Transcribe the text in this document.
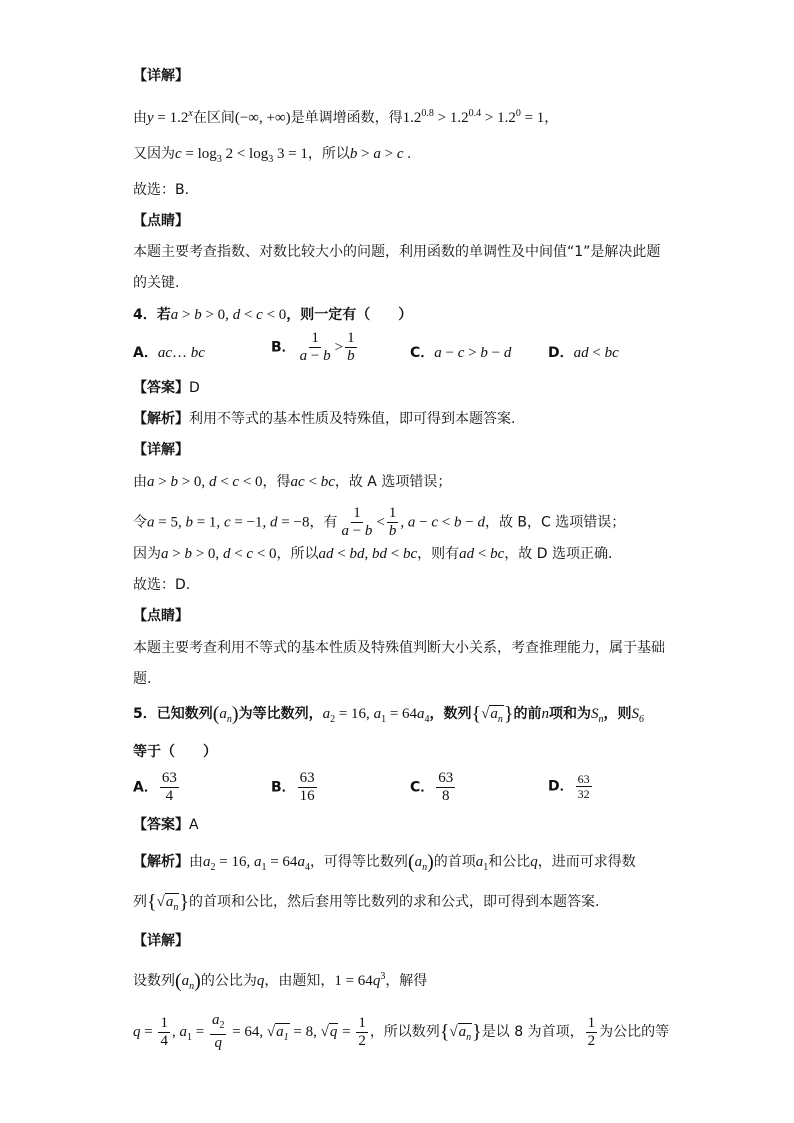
【详解】
由$y = 1.2^x$在区间(−∞, +∞)是单调增函数，得$1.2^{0.8} > 1.2^{0.4} > 1.2^0 = 1$，
又因为$c = \log_3 2 < \log_3 3 = 1$，所以b > a > c .
故选：B.
【点睛】
本题主要考查指数、对数比较大小的问题，利用函数的单调性及中间值“1”是解决此题
的关键.
4．若a > b > 0, d < c < 0，则一定有（　　）
A．ac… bc	B． $\frac{1}{a - b} > \frac{1}{b}$	C．a − c > b − d	D．ad < bc
【答案】D
【解析】利用不等式的基本性质及特殊值，即可得到本题答案.
【详解】
由a > b > 0, d < c < 0，得ac < bc，故 A 选项错误；
令a = 5, b = 1, c = −1, d = −8，有 $\frac{1}{a - b} < \frac{1}{b}$ , a − c < b − d，故 B，C 选项错误；
因为a > b > 0, d < c < 0，所以ad < bd, bd < bc，则有ad < bc，故 D 选项正确.
故选：D.
【点睛】
本题主要考查利用不等式的基本性质及特殊值判断大小关系，考查推理能力，属于基础
题.
5．已知数列$(a_n)$为等比数列，$a_2 = 16$, $a_1 = 64a_4$，数列$\{√a_n\}$的前n项和为$S_n$，则$S_6$
等于（　　）
A． $\frac{63}{4}$	B． $\frac{63}{16}$	C． $\frac{63}{8}$	D． $\frac{63}{32}$
【答案】A
【解析】由$a_2 = 16$, $a_1 = 64a_4$，可得等比数列$(a_n)$的首项$a_1$和公比q，进而可求得数
列$\{√a_n\}$的首项和公比，然后套用等比数列的求和公式，即可得到本题答案.
【详解】
设数列$(a_n)$的公比为q，由题知，$1 = 64q^3$，解得
$q = \frac{1}{4}$ , $a_1 = \frac{a_2}{q} = 64$, $√a_1 = 8$, $√q = \frac{1}{2}$ ，所以数列$\{√a_n\}$是以 8 为首项， $\frac{1}{2}$ 为公比的等
